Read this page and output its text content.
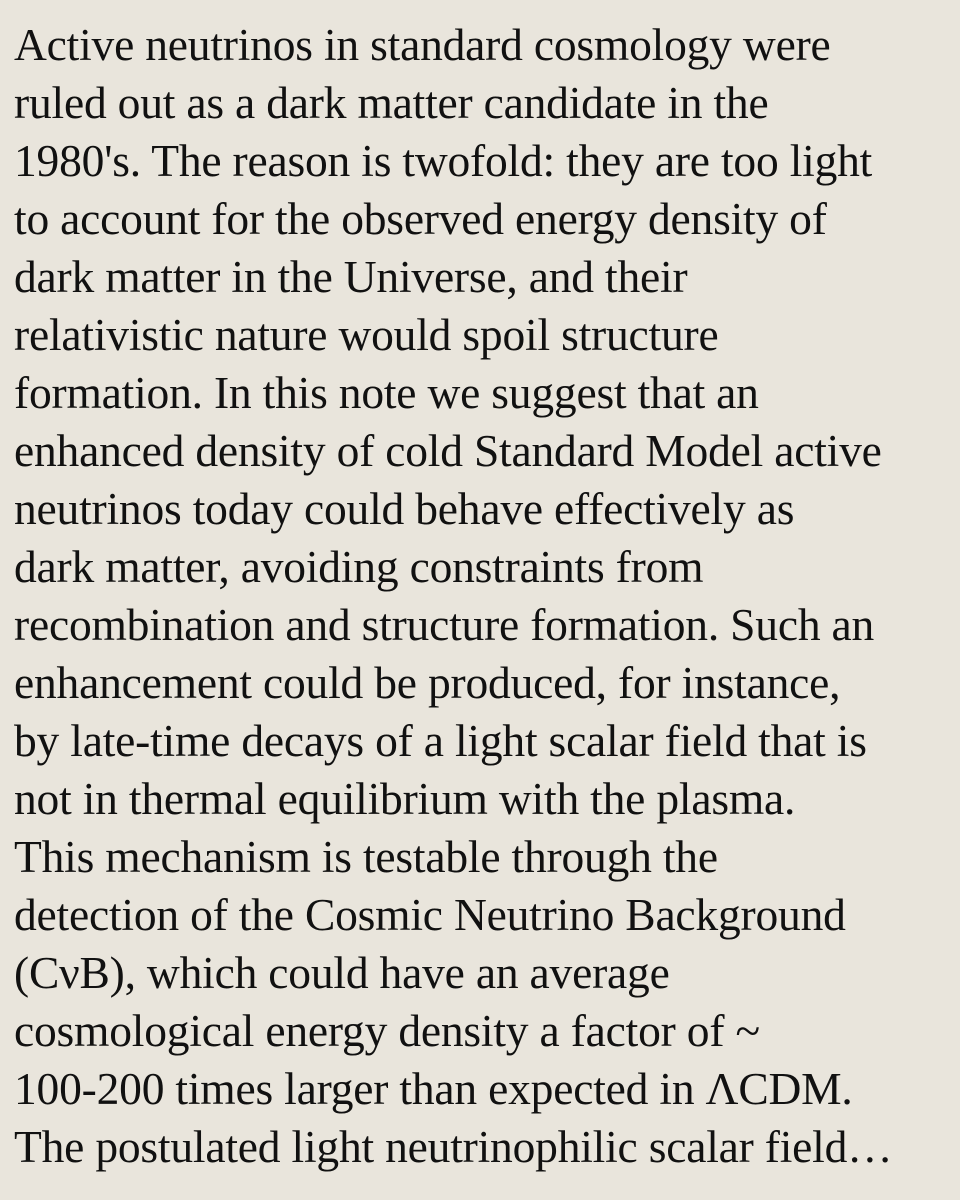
Active neutrinos in standard cosmology were
ruled out as a dark matter candidate in the
1980's. The reason is twofold: they are too light
to account for the observed energy density of
dark matter in the Universe, and their
relativistic nature would spoil structure
formation. In this note we suggest that an
enhanced density of cold Standard Model active
neutrinos today could behave effectively as
dark matter, avoiding constraints from
recombination and structure formation. Such an
enhancement could be produced, for instance,
by late-time decays of a light scalar field that is
not in thermal equilibrium with the plasma.
This mechanism is testable through the
detection of the Cosmic Neutrino Background
(CνB), which could have an average
cosmological energy density a factor of ~
100-200 times larger than expected in ΛCDM.
The postulated light neutrinophilic scalar field…
